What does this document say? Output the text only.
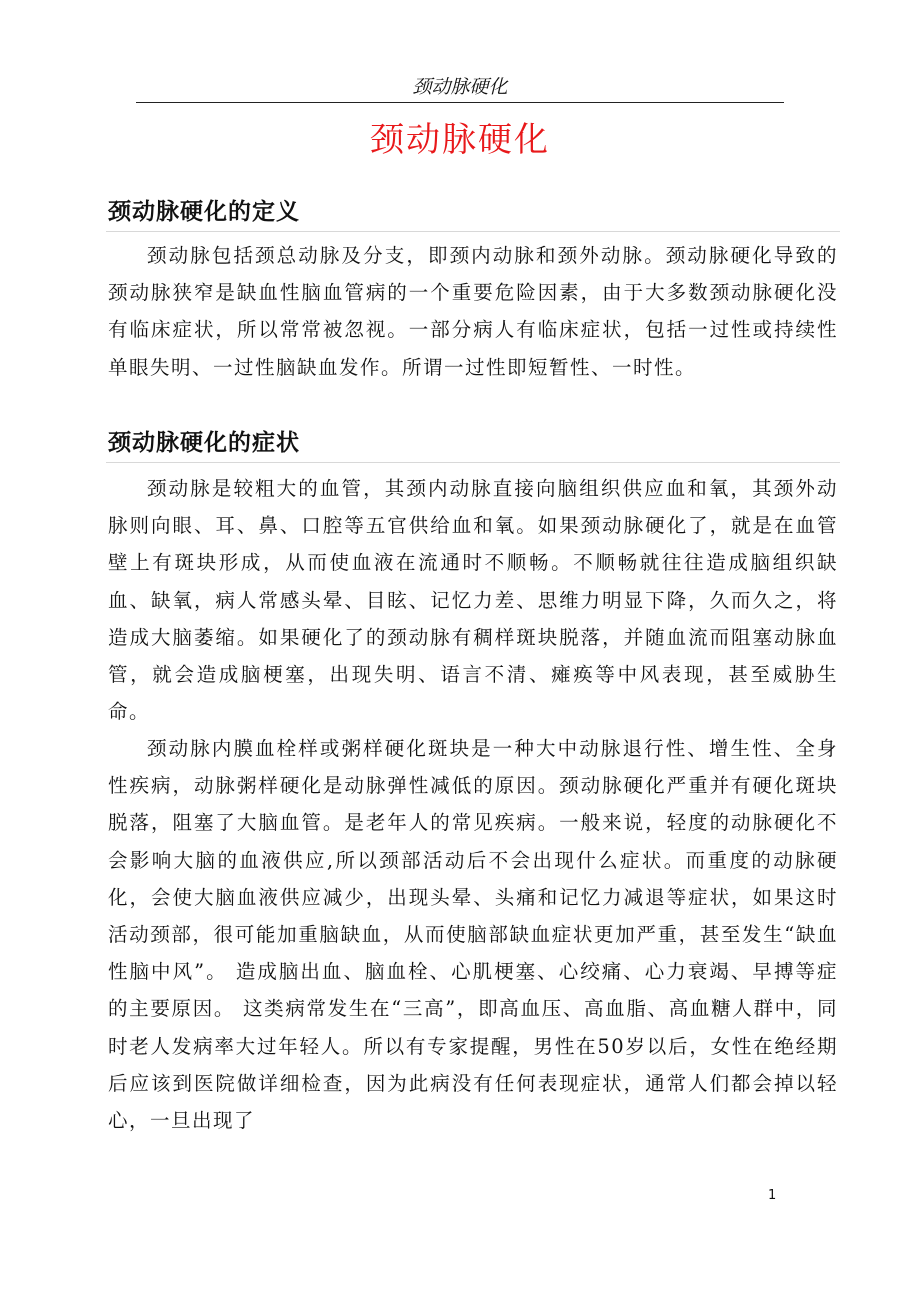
颈动脉硬化
颈动脉硬化
颈动脉硬化的定义

颈动脉包括颈总动脉及分支，即颈内动脉和颈外动脉。颈动脉硬化导致的颈动脉狭窄是缺血性脑血管病的一个重要危险因素，由于大多数颈动脉硬化没有临床症状，所以常常被忽视。一部分病人有临床症状，包括一过性或持续性单眼失明、一过性脑缺血发作。所谓一过性即短暂性、一时性。

颈动脉硬化的症状

颈动脉是较粗大的血管，其颈内动脉直接向脑组织供应血和氧，其颈外动脉则向眼、耳、鼻、口腔等五官供给血和氧。如果颈动脉硬化了，就是在血管壁上有斑块形成，从而使血液在流通时不顺畅。不顺畅就往往造成脑组织缺血、缺氧，病人常感头晕、目眩、记忆力差、思维力明显下降，久而久之，将造成大脑萎缩。如果硬化了的颈动脉有稠样斑块脱落，并随血流而阻塞动脉血管，就会造成脑梗塞，出现失明、语言不清、瘫痪等中风表现，甚至威胁生命。

颈动脉内膜血栓样或粥样硬化斑块是一种大中动脉退行性、增生性、全身性疾病，动脉粥样硬化是动脉弹性减低的原因。颈动脉硬化严重并有硬化斑块脱落，阻塞了大脑血管。是老年人的常见疾病。一般来说，轻度的动脉硬化不会影响大脑的血液供应,所以颈部活动后不会出现什么症状。而重度的动脉硬化，会使大脑血液供应减少，出现头晕、头痛和记忆力减退等症状，如果这时活动颈部，很可能加重脑缺血，从而使脑部缺血症状更加严重，甚至发生“缺血性脑中风”。 造成脑出血、脑血栓、心肌梗塞、心绞痛、心力衰竭、早搏等症的主要原因。 这类病常发生在“三高”，即高血压、高血脂、高血糖人群中，同时老人发病率大过年轻人。所以有专家提醒，男性在50岁以后，女性在绝经期后应该到医院做详细检查，因为此病没有任何表现症状，通常人们都会掉以轻心，一旦出现了

1
